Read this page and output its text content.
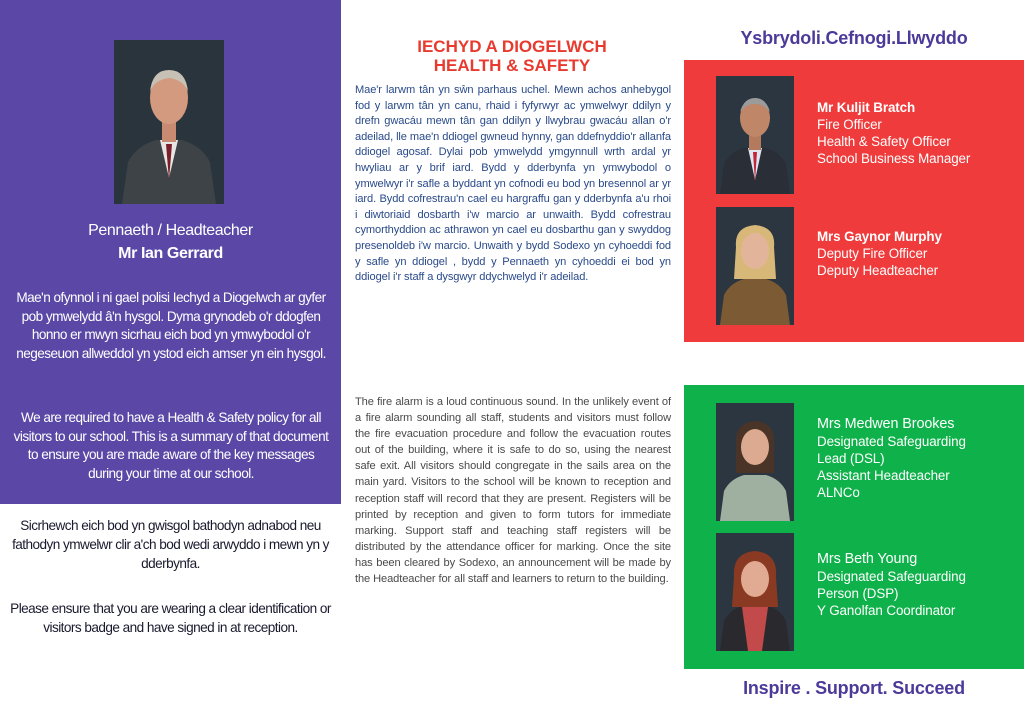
Pennaeth / Headteacher
Mr Ian Gerrard
Mae'n ofynnol i ni gael polisi Iechyd a Diogelwch ar gyfer pob ymwelydd â'n hysgol. Dyma grynodeb o'r ddogfen honno er mwyn sicrhau eich bod yn ymwybodol o'r negeseuon allweddol yn ystod eich amser yn ein hysgol.
We are required to have a Health & Safety policy for all visitors to our school. This is a summary of that document to ensure you are made aware of the key messages during your time at our school.
Sicrhewch eich bod yn gwisgol bathodyn adnabod neu fathodyn ymwelwr clir a'ch bod wedi arwyddo i mewn yn y dderbynfa.
Please ensure that you are wearing a clear identification or visitors badge and have signed in at reception.
IECHYD A DIOGELWCH
HEALTH & SAFETY
Mae'r larwm tân yn sŵn parhaus uchel. Mewn achos anhebygol fod y larwm tân yn canu, rhaid i fyfyrwyr ac ymwelwyr ddilyn y drefn gwacáu mewn tân gan ddilyn y llwybrau gwacáu allan o'r adeilad, lle mae'n ddiogel gwneud hynny, gan ddefnyddio'r allanfa ddiogel agosaf. Dylai pob ymwelydd ymgynnull wrth ardal yr hwyliau ar y brif iard. Bydd y dderbynfa yn ymwybodol o ymwelwyr i'r safle a byddant yn cofnodi eu bod yn bresennol ar yr iard. Bydd cofrestrau'n cael eu hargraffu gan y dderbynfa a'u rhoi i diwtoriaid dosbarth i'w marcio ar unwaith. Bydd cofrestrau cymorthyddion ac athrawon yn cael eu dosbarthu gan y swyddog presenoldeb i'w marcio. Unwaith y bydd Sodexo yn cyhoeddi fod y safle yn ddiogel , bydd y Pennaeth yn cyhoeddi ei bod yn ddiogel i'r staff a dysgwyr ddychwelyd i'r adeilad.
The fire alarm is a loud continuous sound. In the unlikely event of a fire alarm sounding all staff, students and visitors must follow the fire evacuation procedure and follow the evacuation routes out of the building, where it is safe to do so, using the nearest safe exit. All visitors should congregate in the sails area on the main yard. Visitors to the school will be known to reception and reception staff will record that they are present. Registers will be printed by reception and given to form tutors for immediate marking. Support staff and teaching staff registers will be distributed by the attendance officer for marking. Once the site has been cleared by Sodexo, an announcement will be made by the Headteacher for all staff and learners to return to the building.
Ysbrydoli.Cefnogi.Llwyddo
Mr Kuljit Bratch
Fire Officer
Health & Safety Officer
School Business Manager
Mrs Gaynor Murphy
Deputy Fire Officer
Deputy Headteacher
Mrs Medwen Brookes
Designated Safeguarding
Lead (DSL)
Assistant Headteacher
ALNCo
Mrs Beth Young
Designated Safeguarding
Person (DSP)
Y Ganolfan Coordinator
Inspire . Support. Succeed
